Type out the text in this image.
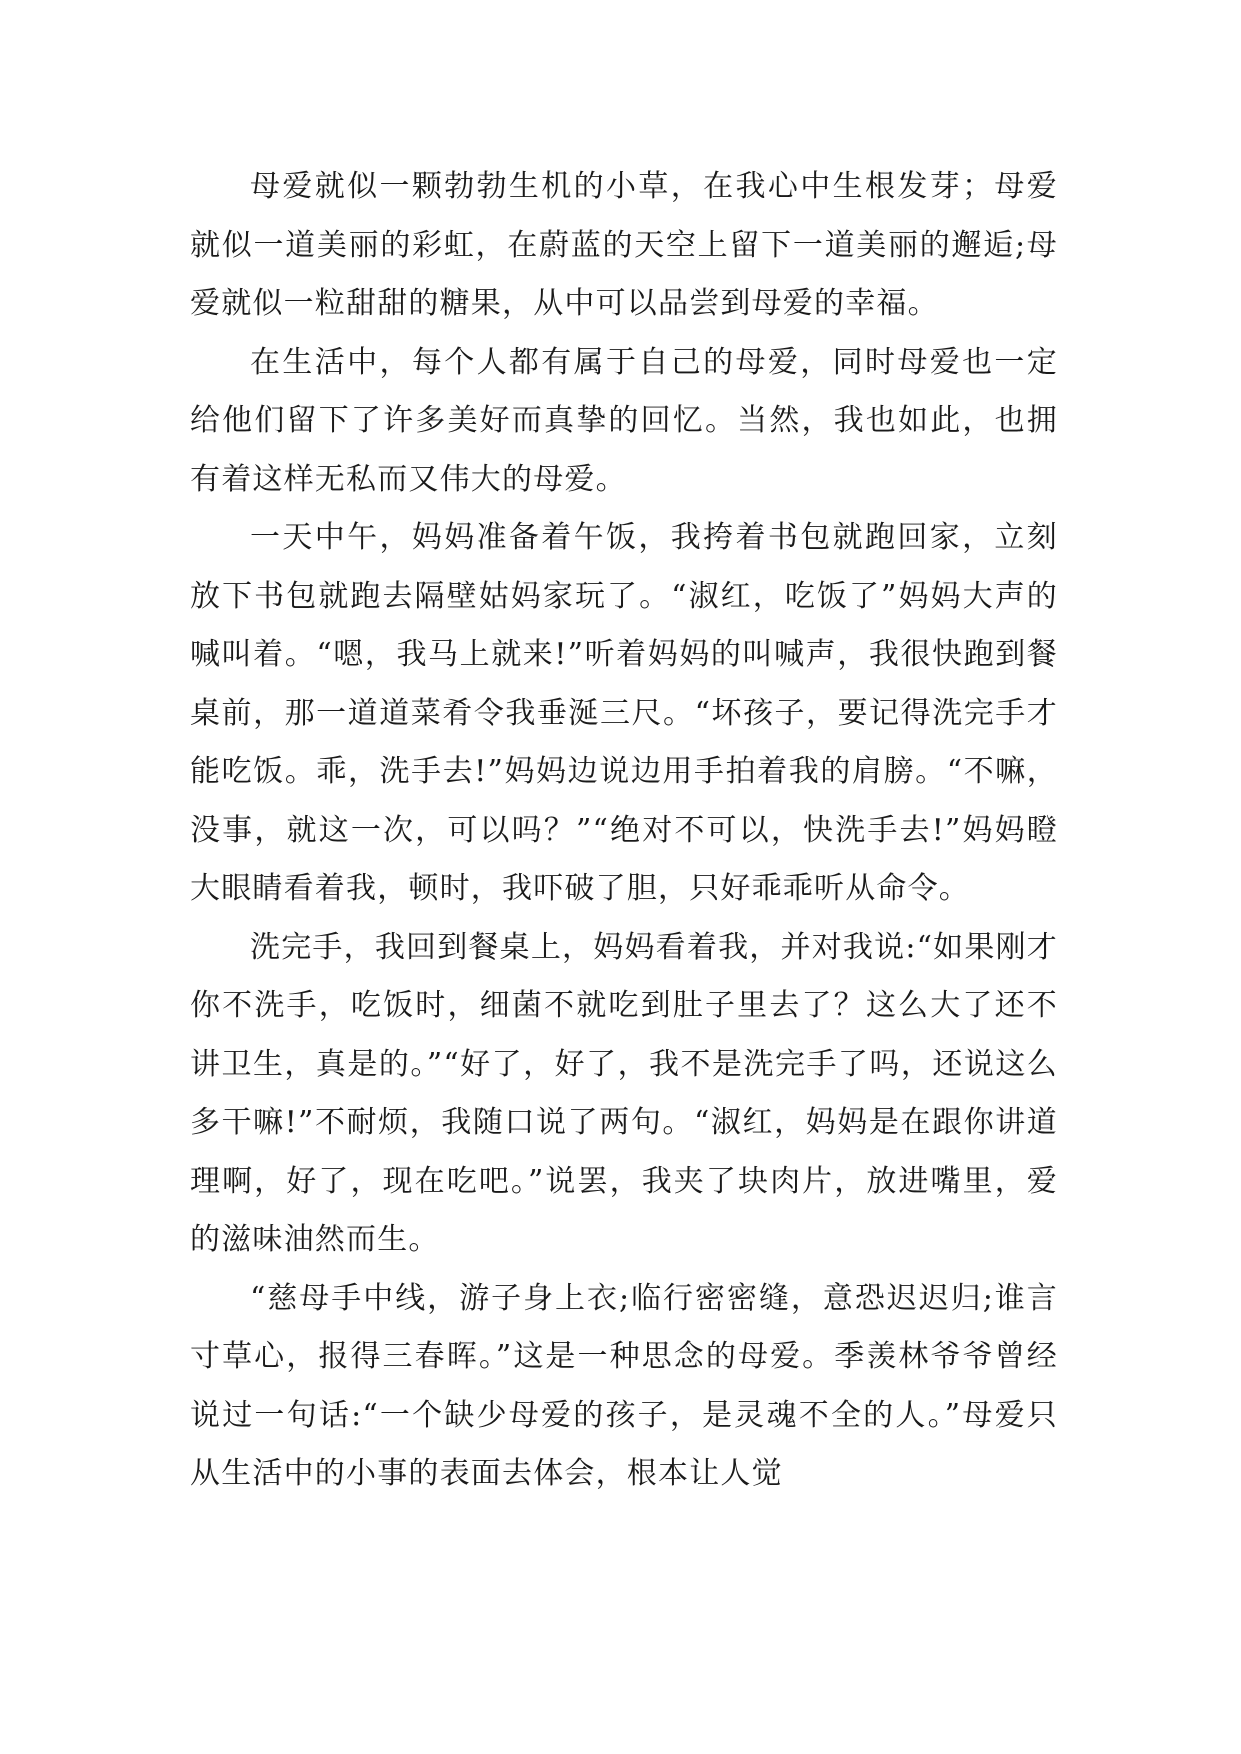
母爱就似一颗勃勃生机的小草，在我心中生根发芽；母爱就似一道美丽的彩虹，在蔚蓝的天空上留下一道美丽的邂逅;母爱就似一粒甜甜的糖果，从中可以品尝到母爱的幸福。

在生活中，每个人都有属于自己的母爱，同时母爱也一定给他们留下了许多美好而真挚的回忆。当然，我也如此，也拥有着这样无私而又伟大的母爱。

一天中午，妈妈准备着午饭，我挎着书包就跑回家，立刻放下书包就跑去隔壁姑妈家玩了。“淑红，吃饭了”妈妈大声的喊叫着。“嗯，我马上就来!”听着妈妈的叫喊声，我很快跑到餐桌前，那一道道菜肴令我垂涎三尺。“坏孩子，要记得洗完手才能吃饭。乖，洗手去!”妈妈边说边用手拍着我的肩膀。“不嘛，没事，就这一次，可以吗？”“绝对不可以，快洗手去!”妈妈瞪大眼睛看着我，顿时，我吓破了胆，只好乖乖听从命令。

洗完手，我回到餐桌上，妈妈看着我，并对我说:“如果刚才你不洗手，吃饭时，细菌不就吃到肚子里去了？这么大了还不讲卫生，真是的。”“好了，好了，我不是洗完手了吗，还说这么多干嘛!”不耐烦，我随口说了两句。“淑红，妈妈是在跟你讲道理啊，好了，现在吃吧。”说罢，我夹了块肉片，放进嘴里，爱的滋味油然而生。

“慈母手中线，游子身上衣;临行密密缝，意恐迟迟归;谁言寸草心，报得三春晖。”这是一种思念的母爱。季羡林爷爷曾经说过一句话:“一个缺少母爱的孩子，是灵魂不全的人。”母爱只从生活中的小事的表面去体会，根本让人觉
